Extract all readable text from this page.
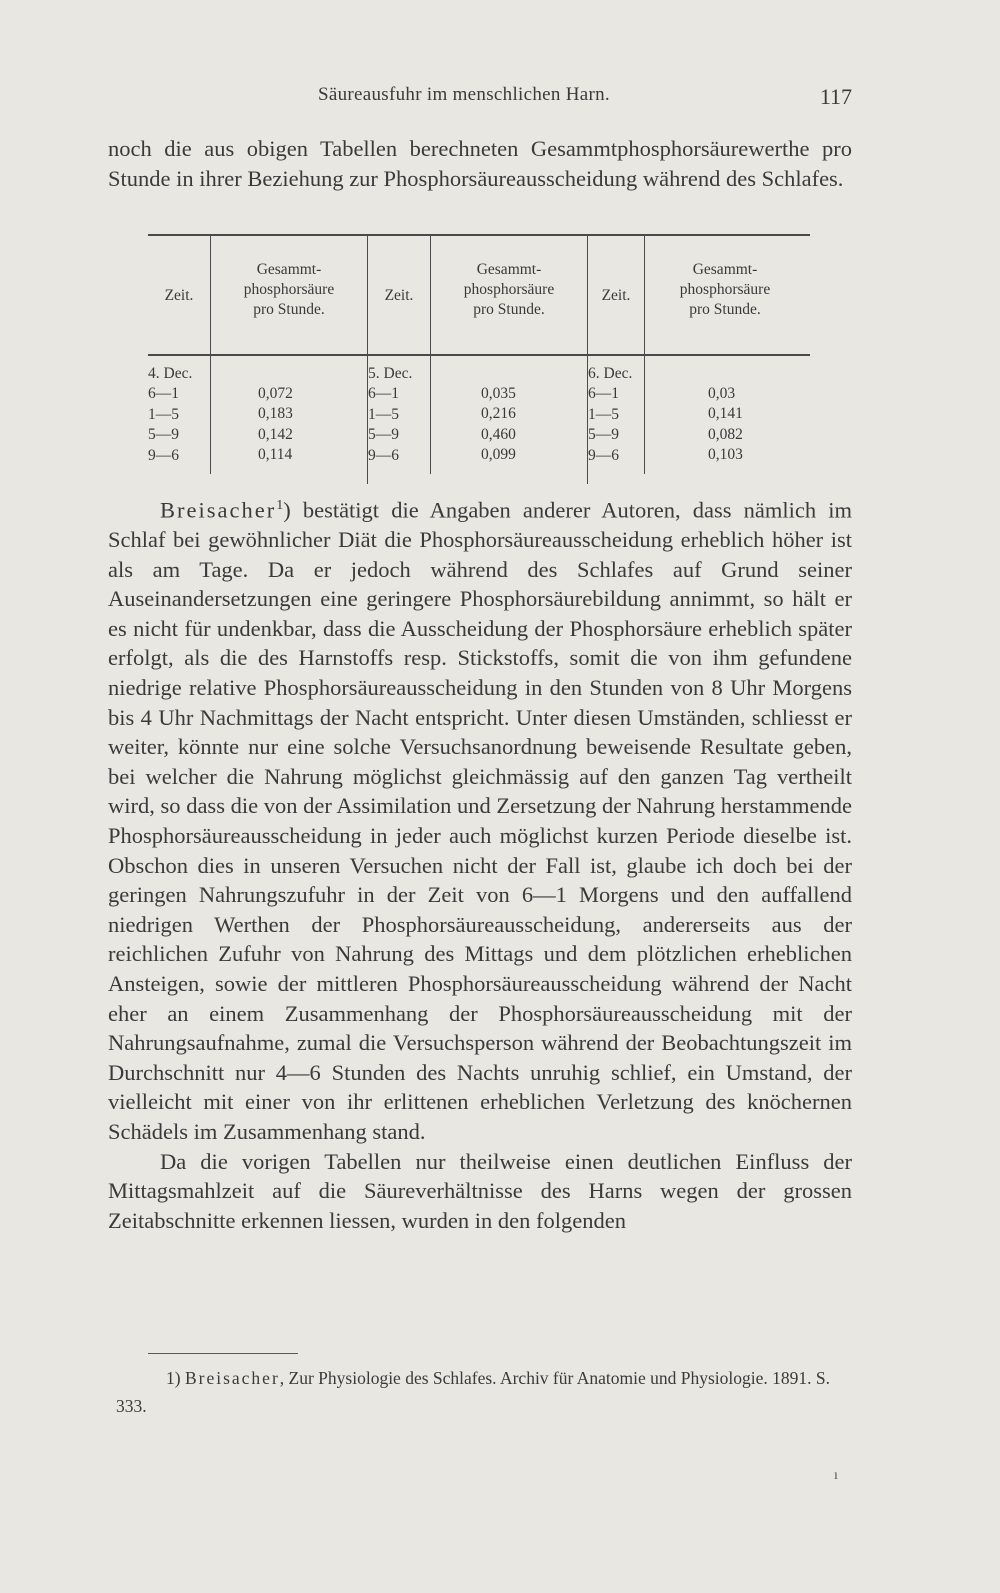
Säureausfuhr im menschlichen Harn.	117

noch die aus obigen Tabellen berechneten Gesammtphosphorsäurewerthe pro Stunde in ihrer Beziehung zur Phosphorsäureausscheidung während des Schlafes.

Zeit.
Gesammt-
phosphorsäure
pro Stunde.
Zeit.
Gesammt-
phosphorsäure
pro Stunde.
Zeit.
Gesammt-
phosphorsäure
pro Stunde.
4. Dec.
6—1
1—5
5—9
9—6
0,072
0,183
0,142
0,114
5. Dec.
6—1
1—5
5—9
9—6
0,035
0,216
0,460
0,099
6. Dec.
6—1
1—5
5—9
9—6
0,03
0,141
0,082
0,103

Breisacher$^1$) bestätigt die Angaben anderer Autoren, dass nämlich im Schlaf bei gewöhnlicher Diät die Phosphorsäureausscheidung erheblich höher ist als am Tage. Da er jedoch während des Schlafes auf Grund seiner Auseinandersetzungen eine geringere Phosphorsäurebildung annimmt, so hält er es nicht für undenkbar, dass die Ausscheidung der Phosphorsäure erheblich später erfolgt, als die des Harnstoffs resp. Stickstoffs, somit die von ihm gefundene niedrige relative Phosphorsäureausscheidung in den Stunden von 8 Uhr Morgens bis 4 Uhr Nachmittags der Nacht entspricht. Unter diesen Umständen, schliesst er weiter, könnte nur eine solche Versuchsanordnung beweisende Resultate geben, bei welcher die Nahrung möglichst gleichmässig auf den ganzen Tag vertheilt wird, so dass die von der Assimilation und Zersetzung der Nahrung herstammende Phosphorsäureausscheidung in jeder auch möglichst kurzen Periode dieselbe ist. Obschon dies in unseren Versuchen nicht der Fall ist, glaube ich doch bei der geringen Nahrungszufuhr in der Zeit von 6—1 Morgens und den auffallend niedrigen Werthen der Phosphorsäureausscheidung, andererseits aus der reichlichen Zufuhr von Nahrung des Mittags und dem plötzlichen erheblichen Ansteigen, sowie der mittleren Phosphorsäureausscheidung während der Nacht eher an einem Zusammenhang der Phosphorsäureausscheidung mit der Nahrungsaufnahme, zumal die Versuchsperson während der Beobachtungszeit im Durchschnitt nur 4—6 Stunden des Nachts unruhig schlief, ein Umstand, der vielleicht mit einer von ihr erlittenen erheblichen Verletzung des knöchernen Schädels im Zusammenhang stand.

Da die vorigen Tabellen nur theilweise einen deutlichen Einfluss der Mittagsmahlzeit auf die Säureverhältnisse des Harns wegen der grossen Zeitabschnitte erkennen liessen, wurden in den folgenden

1) Breisacher, Zur Physiologie des Schlafes. Archiv für Anatomie und Physiologie. 1891. S. 333.
ı
